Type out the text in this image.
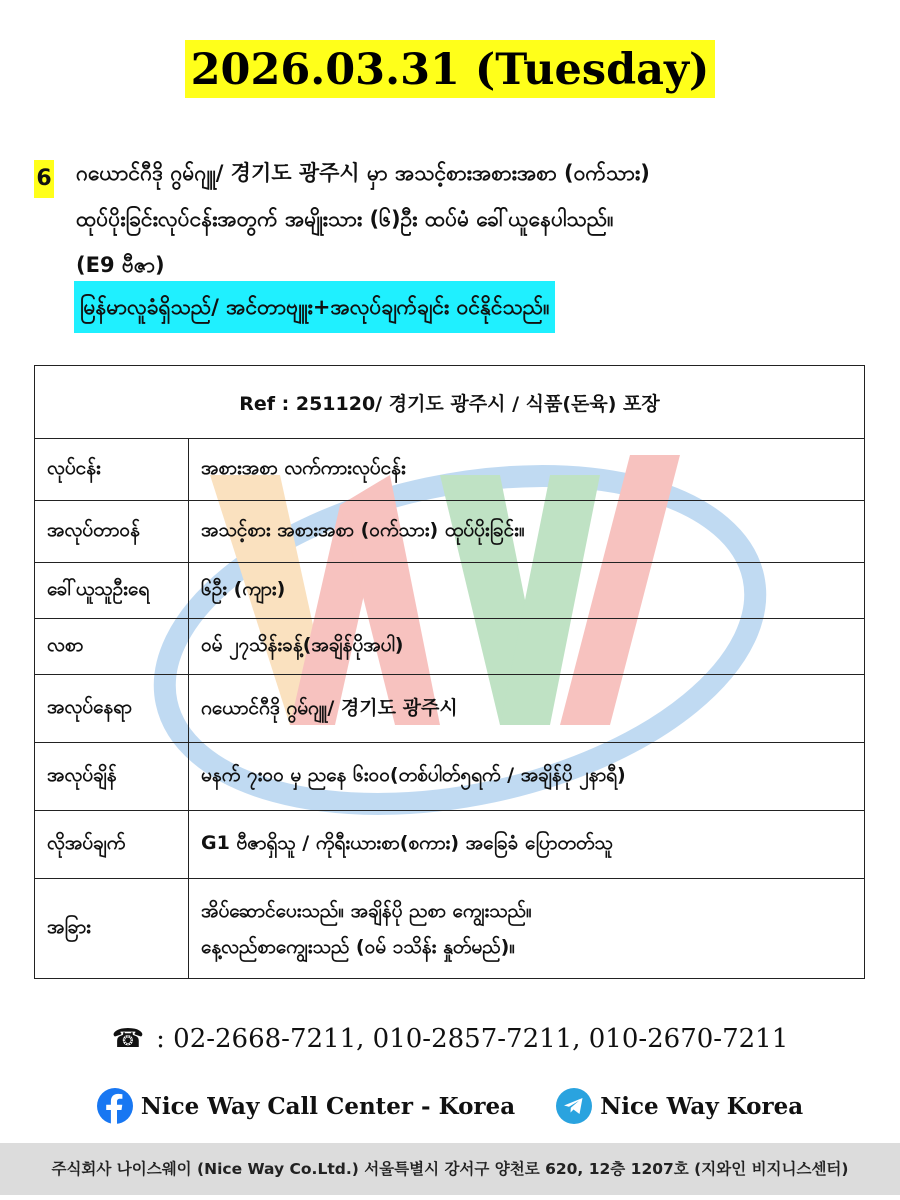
2026.03.31 (Tuesday)
6 ဂယောင်ဂီဒို ဂွမ်ဂျူ/ 경기도 광주시 မှာ အသင့်စားအစားအစာ (ဝက်သား)
ထုပ်ပိုးခြင်းလုပ်ငန်းအတွက် အမျိုးသား (၆)ဦး ထပ်မံ ခေါ်ယူနေပါသည်။
(E9 ဗီဇာ)
မြန်မာလူခံရှိသည်/ အင်တာဗျူး+အလုပ်ချက်ချင်း ဝင်နိုင်သည်။
Ref : 251120/ 경기도 광주시 / 식품(돈육) 포장	
လုပ်ငန်း	အစားအစာ လက်ကားလုပ်ငန်း
အလုပ်တာဝန်	အသင့်စား အစားအစာ (ဝက်သား) ထုပ်ပိုးခြင်း။
ခေါ်ယူသူဦးရေ	၆ဦး (ကျား)
လစာ	ဝမ် ၂၇သိန်းခန့်(အချိန်ပိုအပါ)
အလုပ်နေရာ	ဂယောင်ဂီဒို ဂွမ်ဂျူ/ 경기도 광주시
အလုပ်ချိန်	မနက် ၇း၀၀ မှ ညနေ ၆း၀၀(တစ်ပါတ်၅ရက် / အချိန်ပို ၂နာရီ)
လိုအပ်ချက်	G1 ဗီဇာရှိသူ / ကိုရီးယားစာ(စကား) အခြေခံ ပြောတတ်သူ
အခြား	အိပ်ဆောင်ပေးသည်။ အချိန်ပို ညစာ ကျွေးသည်။
နေ့လည်စာကျွေးသည် (ဝမ် ၁သိန်း နှုတ်မည်)။
☎ : 02-2668-7211, 010-2857-7211, 010-2670-7211
Nice Way Call Center - Korea
	Nice Way Korea
주식회사 나이스웨이 (Nice Way Co.Ltd.) 서울특별시 강서구 양천로 620, 12층 1207호 (지와인 비지니스센터)
